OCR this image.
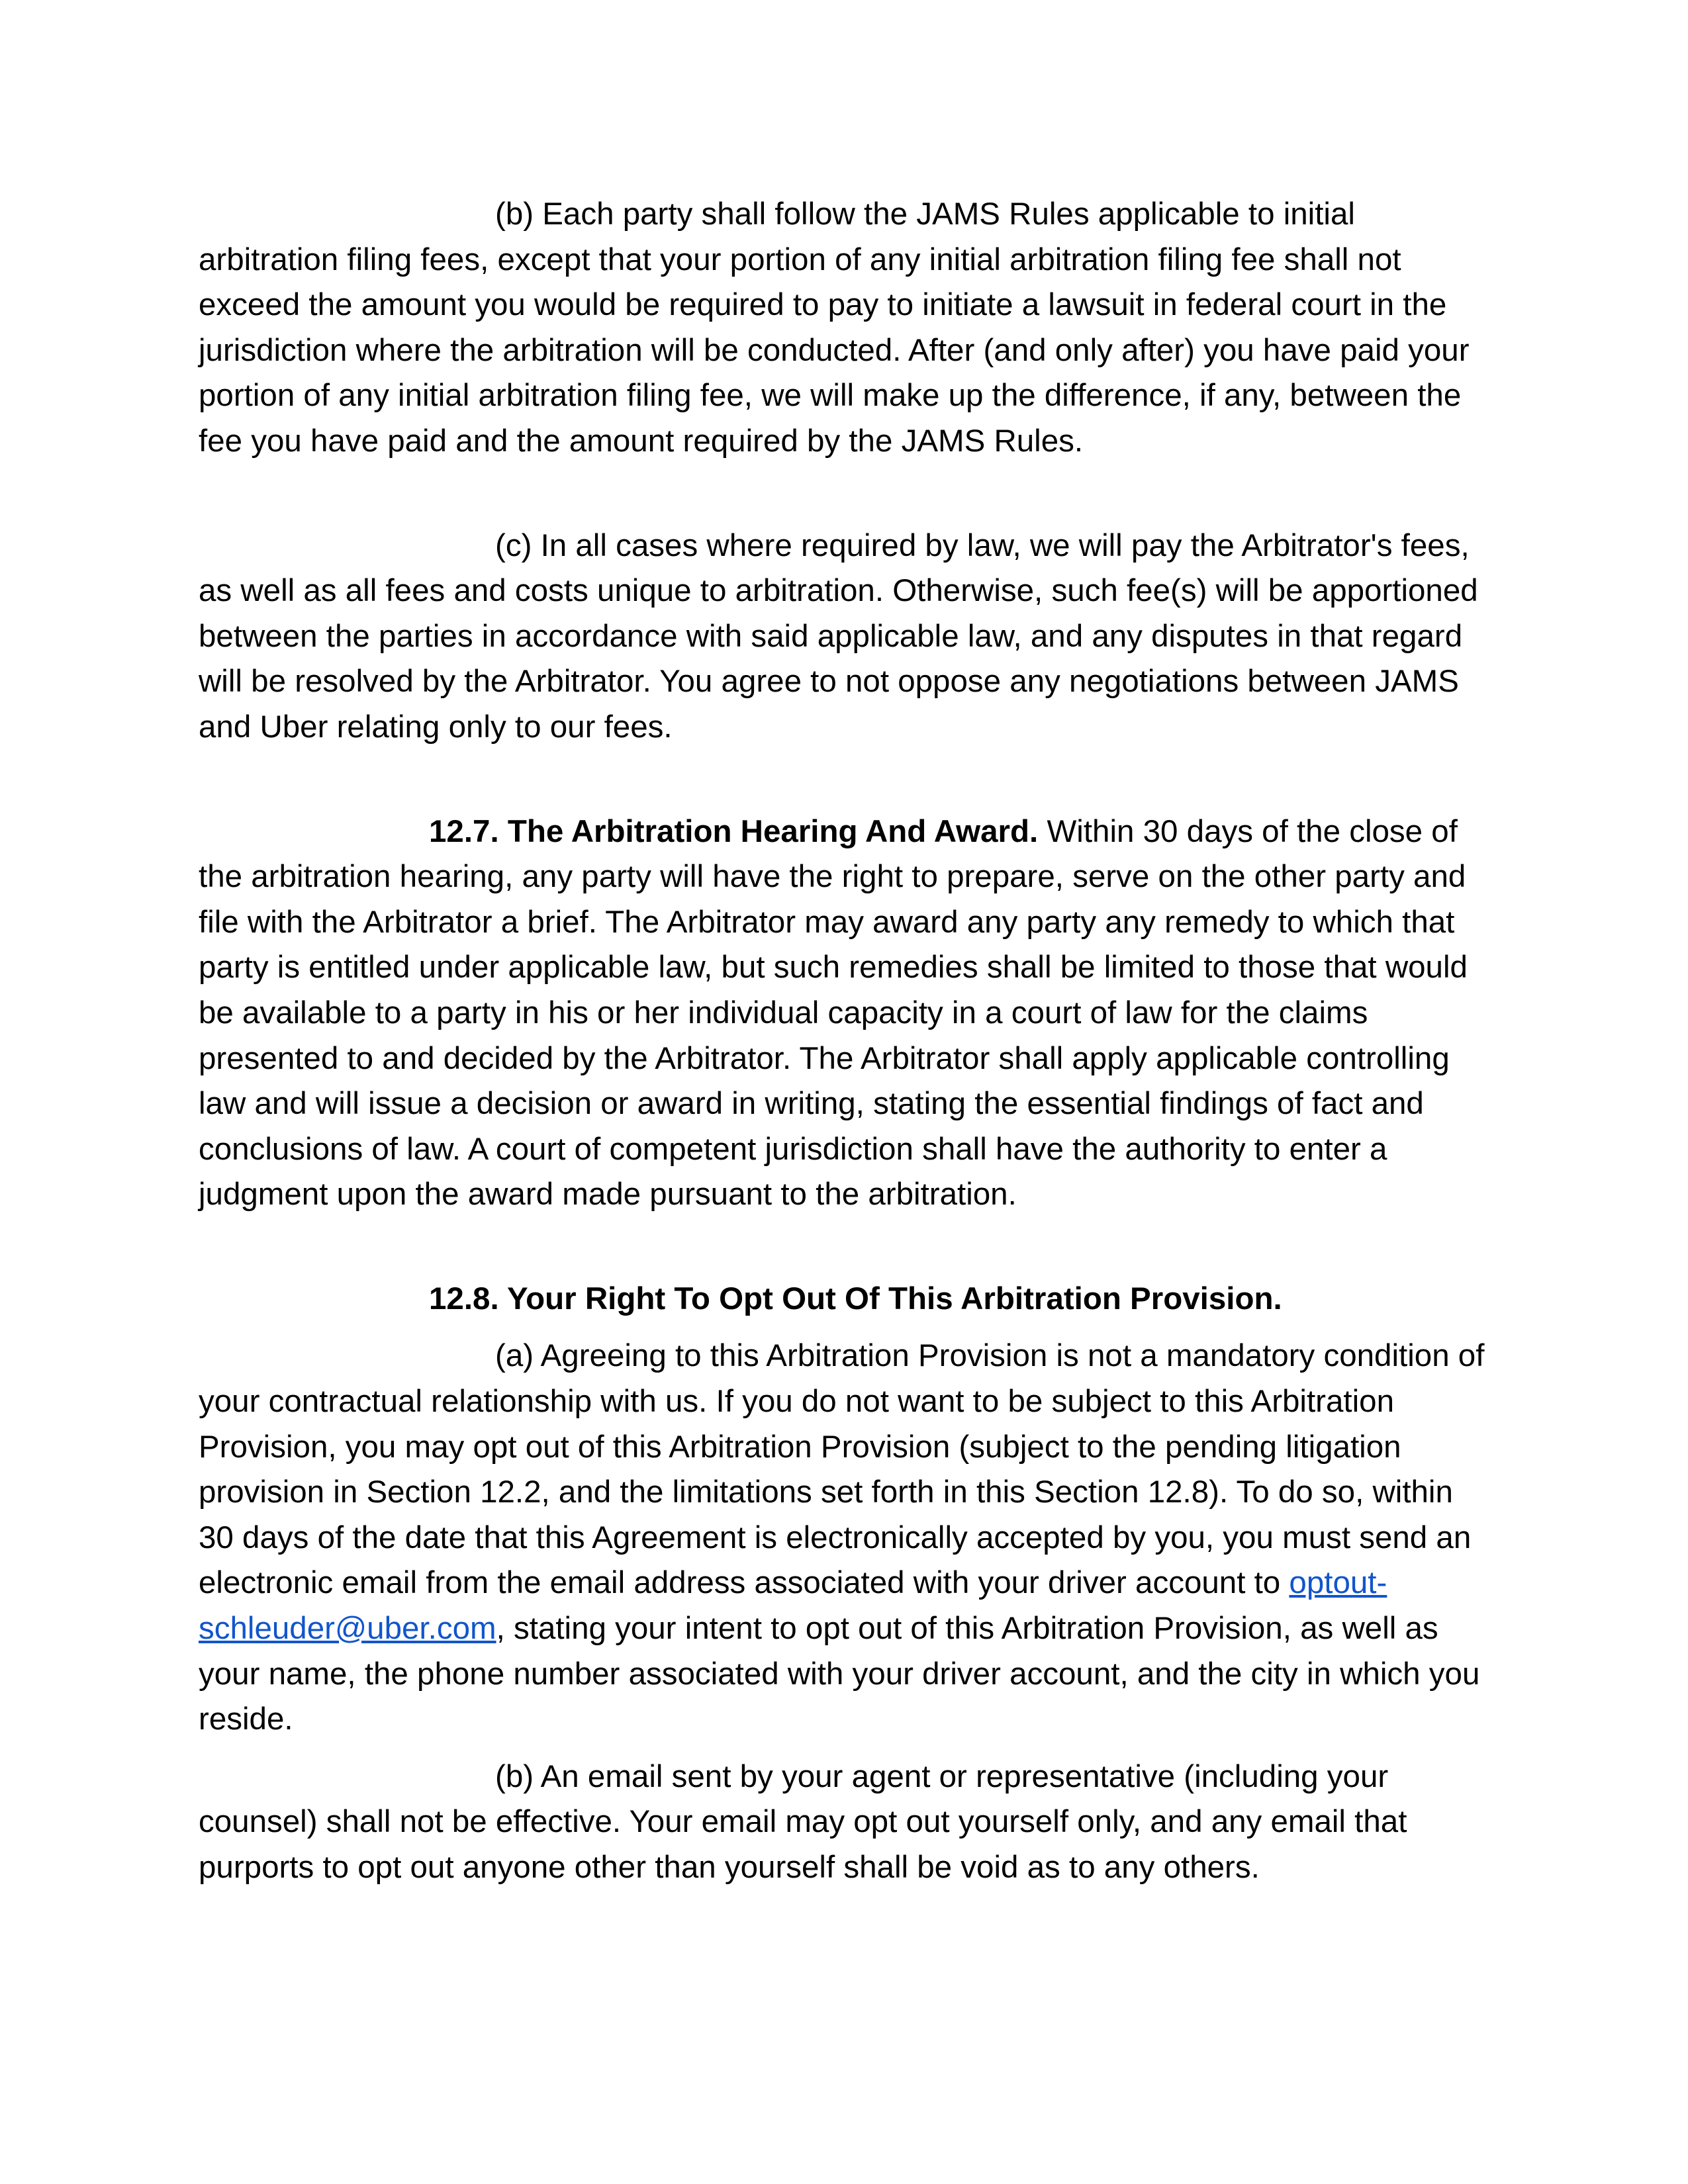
(b) Each party shall follow the JAMS Rules applicable to initial arbitration filing fees, except that your portion of any initial arbitration filing fee shall not exceed the amount you would be required to pay to initiate a lawsuit in federal court in the jurisdiction where the arbitration will be conducted. After (and only after) you have paid your portion of any initial arbitration filing fee, we will make up the difference, if any, between the fee you have paid and the amount required by the JAMS Rules.

(c) In all cases where required by law, we will pay the Arbitrator's fees, as well as all fees and costs unique to arbitration. Otherwise, such fee(s) will be apportioned between the parties in accordance with said applicable law, and any disputes in that regard will be resolved by the Arbitrator. You agree to not oppose any negotiations between JAMS and Uber relating only to our fees.

12.7. The Arbitration Hearing And Award. Within 30 days of the close of the arbitration hearing, any party will have the right to prepare, serve on the other party and file with the Arbitrator a brief. The Arbitrator may award any party any remedy to which that party is entitled under applicable law, but such remedies shall be limited to those that would be available to a party in his or her individual capacity in a court of law for the claims presented to and decided by the Arbitrator. The Arbitrator shall apply applicable controlling law and will issue a decision or award in writing, stating the essential findings of fact and conclusions of law. A court of competent jurisdiction shall have the authority to enter a judgment upon the award made pursuant to the arbitration.

12.8. Your Right To Opt Out Of This Arbitration Provision.

(a) Agreeing to this Arbitration Provision is not a mandatory condition of your contractual relationship with us. If you do not want to be subject to this Arbitration Provision, you may opt out of this Arbitration Provision (subject to the pending litigation provision in Section 12.2, and the limitations set forth in this Section 12.8). To do so, within 30 days of the date that this Agreement is electronically accepted by you, you must send an electronic email from the email address associated with your driver account to optout-schleuder@uber.com, stating your intent to opt out of this Arbitration Provision, as well as your name, the phone number associated with your driver account, and the city in which you reside.

(b) An email sent by your agent or representative (including your counsel) shall not be effective. Your email may opt out yourself only, and any email that purports to opt out anyone other than yourself shall be void as to any others.
